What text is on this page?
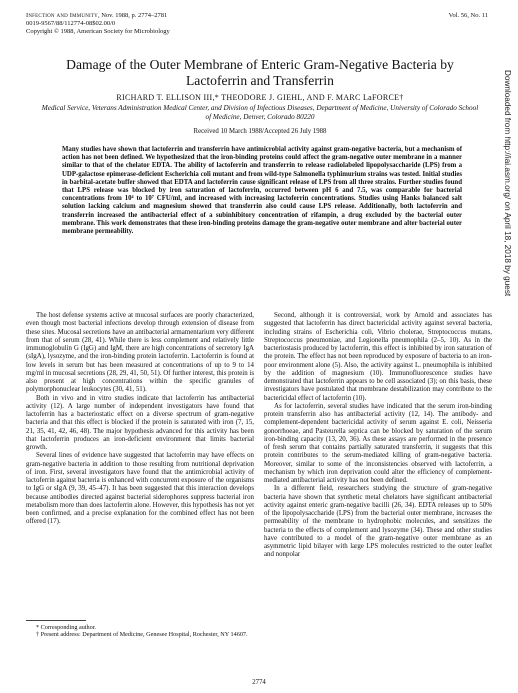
Infection and Immunity, Nov. 1988, p. 2774–2781
0019-9567/88/112774-08$02.00/0
Copyright © 1988, American Society for Microbiology
Vol. 56, No. 11
Damage of the Outer Membrane of Enteric Gram-Negative Bacteria by Lactoferrin and Transferrin
RICHARD T. ELLISON III,* THEODORE J. GIEHL, AND F. MARC LaFORCE†
Medical Service, Veterans Administration Medical Center, and Division of Infectious Diseases, Department of Medicine, University of Colorado School of Medicine, Denver, Colorado 80220
Received 10 March 1988/Accepted 26 July 1988
Many studies have shown that lactoferrin and transferrin have antimicrobial activity against gram-negative bacteria, but a mechanism of action has not been defined. We hypothesized that the iron-binding proteins could affect the gram-negative outer membrane in a manner similar to that of the chelator EDTA. The ability of lactoferrin and transferrin to release radiolabeled lipopolysaccharide (LPS) from a UDP-galactose epimerase-deficient Escherichia coli mutant and from wild-type Salmonella typhimurium strains was tested. Initial studies in barbital-acetate buffer showed that EDTA and lactoferrin cause significant release of LPS from all three strains. Further studies found that LPS release was blocked by iron saturation of lactoferrin, occurred between pH 6 and 7.5, was comparable for bacterial concentrations from 10⁴ to 10⁷ CFU/ml, and increased with increasing lactoferrin concentrations. Studies using Hanks balanced salt solution lacking calcium and magnesium showed that transferrin also could cause LPS release. Additionally, both lactoferrin and transferrin increased the antibacterial effect of a subinhibitory concentration of rifampin, a drug excluded by the bacterial outer membrane. This work demonstrates that these iron-binding proteins damage the gram-negative outer membrane and alter bacterial outer membrane permeability.

The host defense systems active at mucosal surfaces are poorly characterized, even though most bacterial infections develop through extension of disease from these sites. Mucosal secretions have an antibacterial armamentarium very different from that of serum (28, 41). While there is less complement and relatively little immunoglobulin G (IgG) and IgM, there are high concentrations of secretory IgA (sIgA), lysozyme, and the iron-binding protein lactoferrin. Lactoferrin is found at low levels in serum but has been measured at concentrations of up to 9 to 14 mg/ml in mucosal secretions (28, 29, 41, 50, 51). Of further interest, this protein is also present at high concentrations within the specific granules of polymorphonuclear leukocytes (30, 41, 51).

Both in vivo and in vitro studies indicate that lactoferrin has antibacterial activity (12). A large number of independent investigators have found that lactoferrin has a bacteriostatic effect on a diverse spectrum of gram-negative bacteria and that this effect is blocked if the protein is saturated with iron (7, 15, 21, 35, 41, 42, 46, 48). The major hypothesis advanced for this activity has been that lactoferrin produces an iron-deficient environment that limits bacterial growth.

Several lines of evidence have suggested that lactoferrin may have effects on gram-negative bacteria in addition to those resulting from nutritional deprivation of iron. First, several investigators have found that the antimicrobial activity of lactoferrin against bacteria is enhanced with concurrent exposure of the organisms to IgG or sIgA (9, 39, 45–47). It has been suggested that this interaction develops because antibodies directed against bacterial siderophores suppress bacterial iron metabolism more than does lactoferrin alone. However, this hypothesis has not yet been confirmed, and a precise explanation for the combined effect has not been offered (17).

Second, although it is controversial, work by Arnold and associates has suggested that lactoferrin has direct bactericidal activity against several bacteria, including strains of Escherichia coli, Vibrio cholerae, Streptococcus mutans, Streptococcus pneumoniae, and Legionella pneumophila (2–5, 10). As in the bacteriostasis produced by lactoferrin, this effect is inhibited by iron saturation of the protein. The effect has not been reproduced by exposure of bacteria to an iron-poor environment alone (5). Also, the activity against L. pneumophila is inhibited by the addition of magnesium (10). Immunofluorescence studies have demonstrated that lactoferrin appears to be cell associated (3); on this basis, these investigators have postulated that membrane destabilization may contribute to the bactericidal effect of lactoferrin (10).

As for lactoferrin, several studies have indicated that the serum iron-binding protein transferrin also has antibacterial activity (12, 14). The antibody- and complement-dependent bactericidal activity of serum against E. coli, Neisseria gonorrhoeae, and Pasteurella septica can be blocked by saturation of the serum iron-binding capacity (13, 20, 36). As these assays are performed in the presence of fresh serum that contains partially saturated transferrin, it suggests that this protein contributes to the serum-mediated killing of gram-negative bacteria. Moreover, similar to some of the inconsistencies observed with lactoferrin, a mechanism by which iron deprivation could alter the efficiency of complement-mediated antibacterial activity has not been defined.

In a different field, researchers studying the structure of gram-negative bacteria have shown that synthetic metal chelators have significant antibacterial activity against enteric gram-negative bacilli (26, 34). EDTA releases up to 50% of the lipopolysaccharide (LPS) from the bacterial outer membrane, increases the permeability of the membrane to hydrophobic molecules, and sensitizes the bacteria to the effects of complement and lysozyme (34). These and other studies have contributed to a model of the gram-negative outer membrane as an asymmetric lipid bilayer with large LPS molecules restricted to the outer leaflet and nonpolar

* Corresponding author.

† Present address: Department of Medicine, Genesee Hospital, Rochester, NY 14607.

2774
Downloaded from http://iai.asm.org/ on April 18, 2018 by guest
